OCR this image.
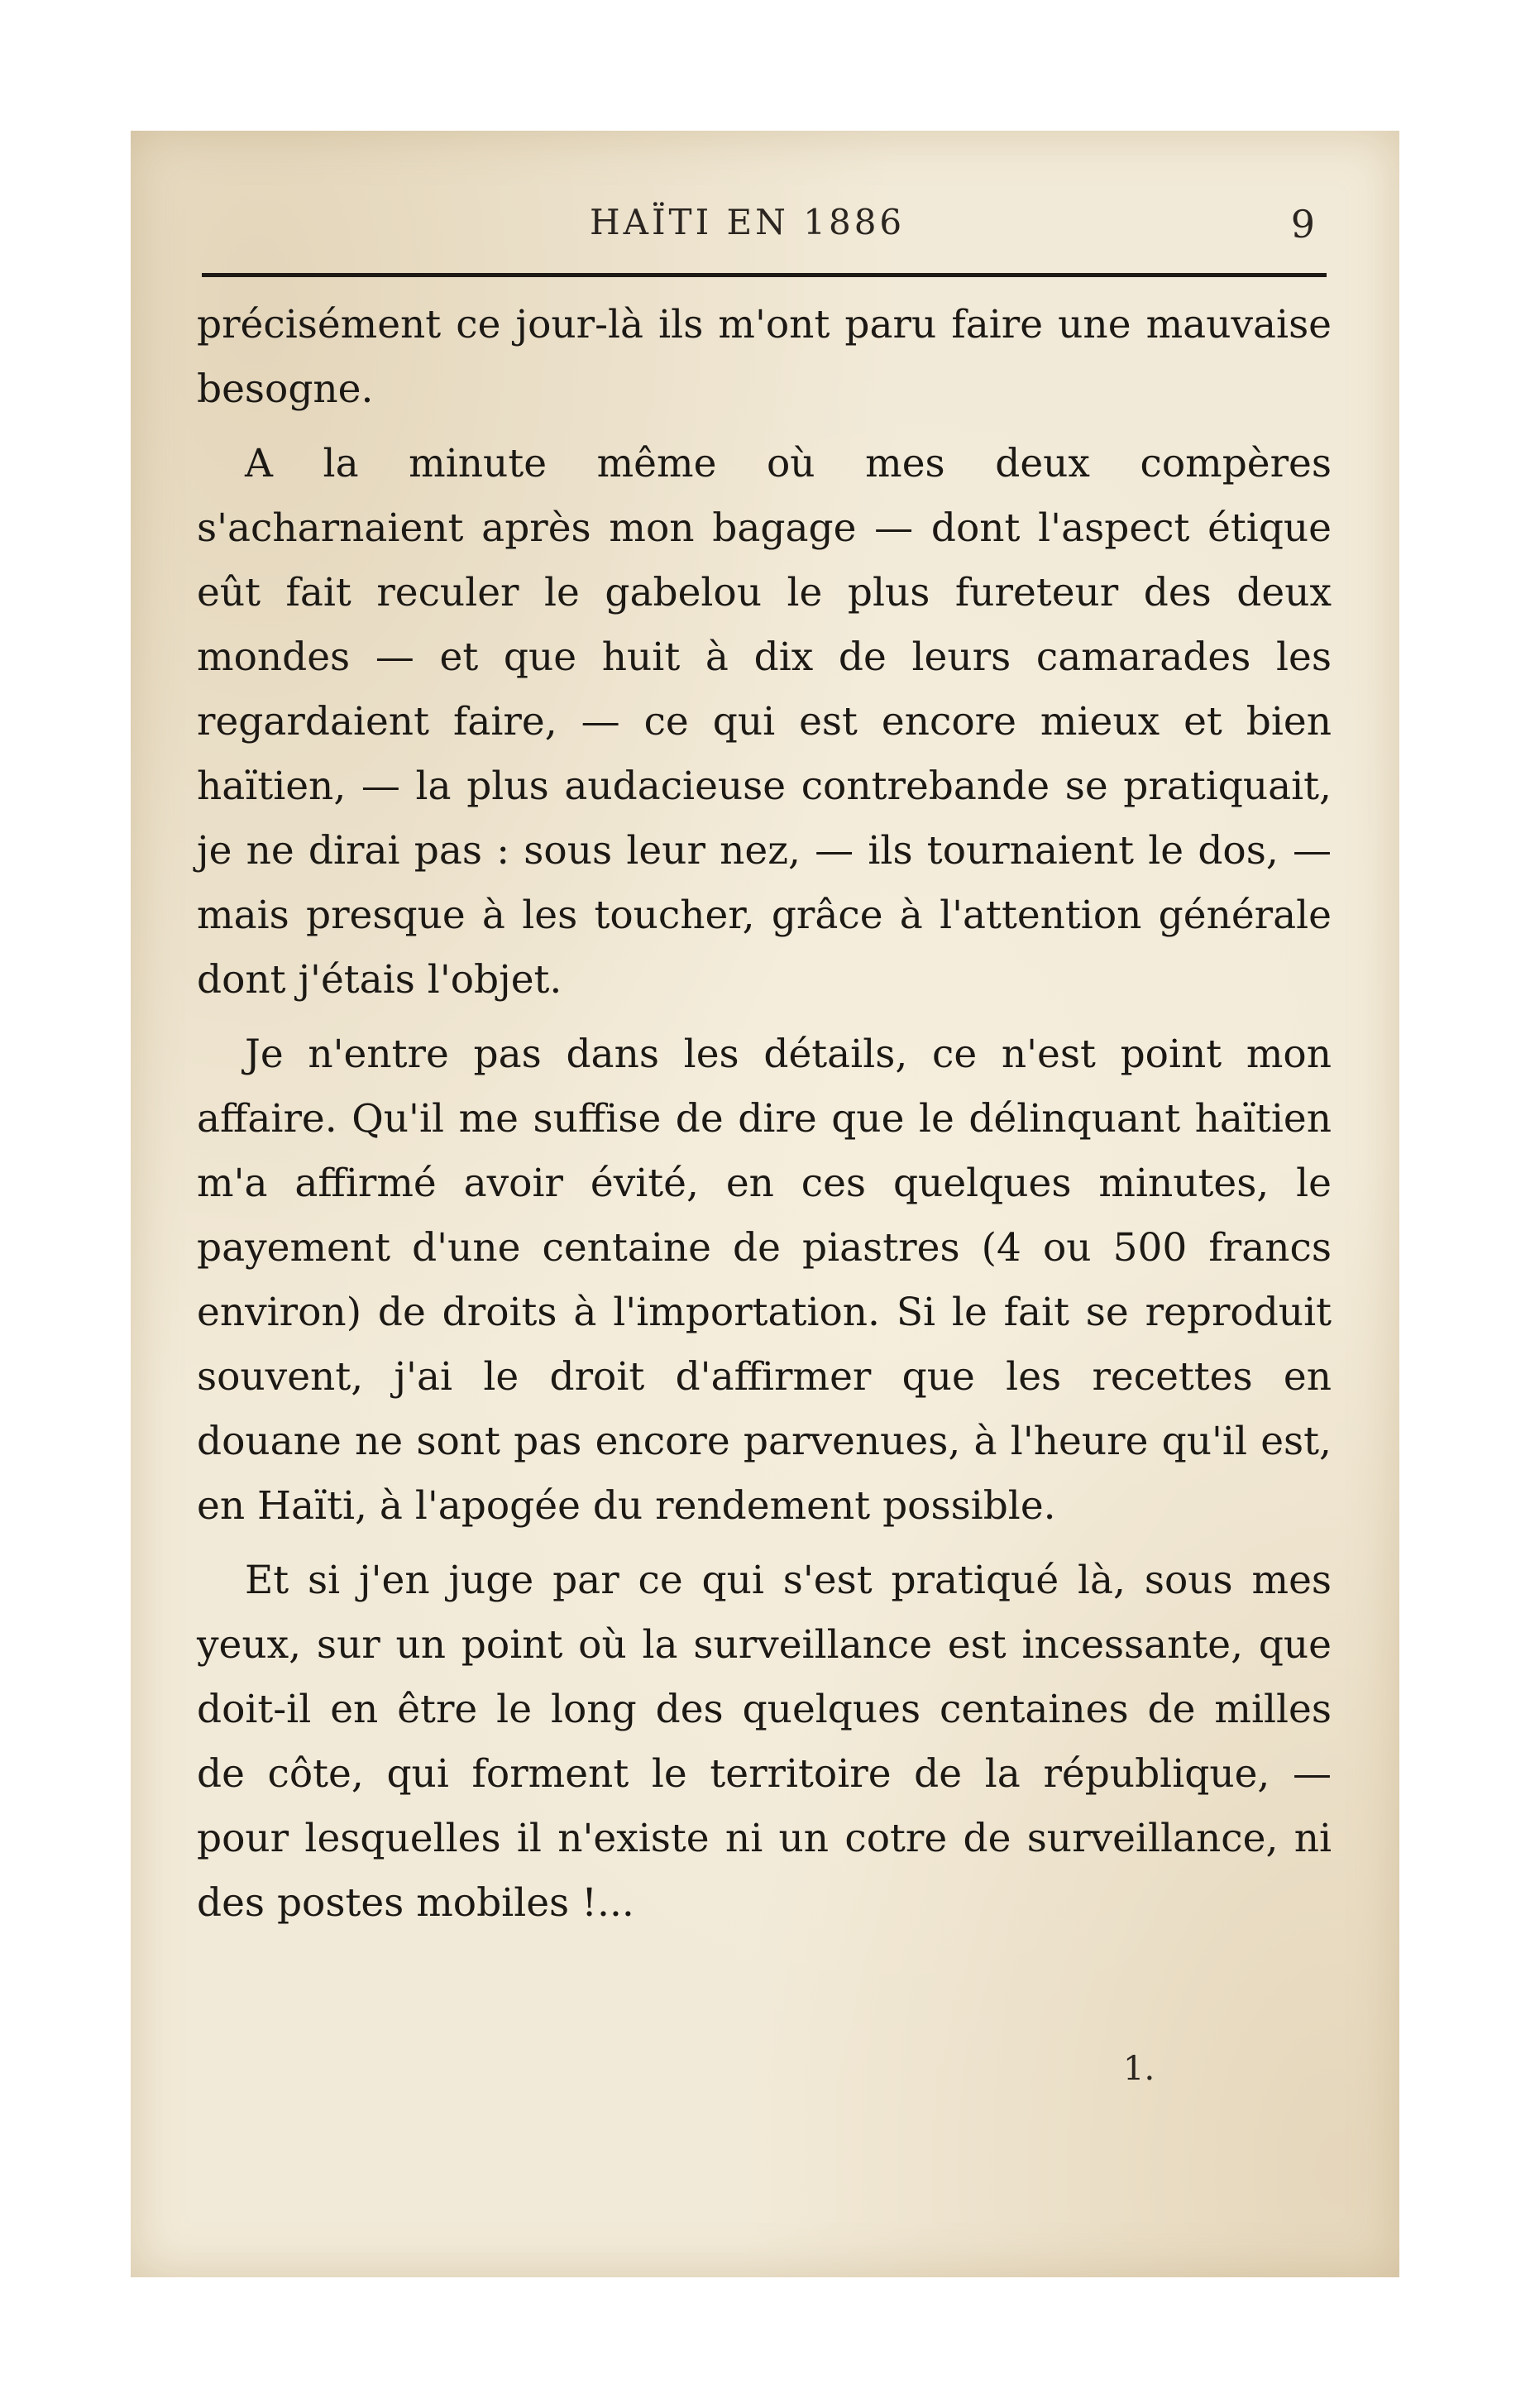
HAÏTI EN 1886	9

précisément ce jour-là ils m'ont paru faire une mauvaise besogne.

A la minute même où mes deux compères s'acharnaient après mon bagage — dont l'aspect étique eût fait reculer le gabelou le plus fureteur des deux mondes — et que huit à dix de leurs camarades les regardaient faire, — ce qui est encore mieux et bien haïtien, — la plus audacieuse contrebande se pratiquait, je ne dirai pas : sous leur nez, — ils tournaient le dos, — mais presque à les toucher, grâce à l'attention générale dont j'étais l'objet.

Je n'entre pas dans les détails, ce n'est point mon affaire. Qu'il me suffise de dire que le délinquant haïtien m'a affirmé avoir évité, en ces quelques minutes, le payement d'une centaine de piastres (4 ou 500 francs environ) de droits à l'importation. Si le fait se reproduit souvent, j'ai le droit d'affirmer que les recettes en douane ne sont pas encore parvenues, à l'heure qu'il est, en Haïti, à l'apogée du rendement possible.

Et si j'en juge par ce qui s'est pratiqué là, sous mes yeux, sur un point où la surveillance est incessante, que doit-il en être le long des quelques centaines de milles de côte, qui forment le territoire de la république, — pour lesquelles il n'existe ni un cotre de surveillance, ni des postes mobiles !...

1.
